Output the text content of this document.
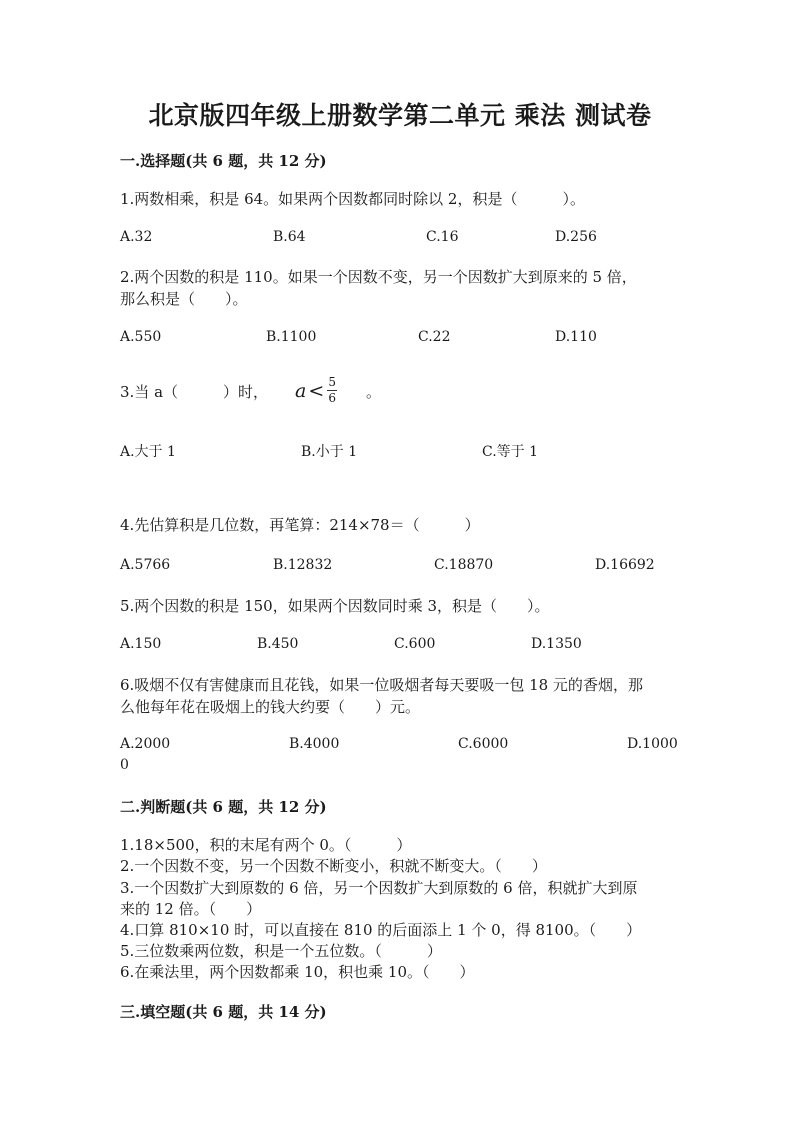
北京版四年级上册数学第二单元 乘法 测试卷
一.选择题(共 6 题，共 12 分)
1.两数相乘，积是 64。如果两个因数都同时除以 2，积是（　　　）。
A.32	B.64	C.16	D.256
2.两个因数的积是 110。如果一个因数不变，另一个因数扩大到原来的 5 倍，
那么积是（　　）。
A.550	B.1100	C.22	D.110
3.当 a（　　　）时， $a < \frac{5}{6}$ 。
A.大于 1	B.小于 1	C.等于 1
4.先估算积是几位数，再笔算：214×78＝（　　　）
A.5766	B.12832	C.18870	D.16692
5.两个因数的积是 150，如果两个因数同时乘 3，积是（　　）。
A.150	B.450	C.600	D.1350
6.吸烟不仅有害健康而且花钱，如果一位吸烟者每天要吸一包 18 元的香烟，那
么他每年花在吸烟上的钱大约要（　　）元。
A.2000	B.4000	C.6000	D.1000
0
二.判断题(共 6 题，共 12 分)
1.18×500，积的末尾有两个 0。（　　　）
2.一个因数不变，另一个因数不断变小，积就不断变大。（　　）
3.一个因数扩大到原数的 6 倍，另一个因数扩大到原数的 6 倍，积就扩大到原
来的 12 倍。（　　）
4.口算 810×10 时，可以直接在 810 的后面添上 1 个 0，得 8100。（　　）
5.三位数乘两位数，积是一个五位数。（　　　）
6.在乘法里，两个因数都乘 10，积也乘 10。（　　）
三.填空题(共 6 题，共 14 分)
